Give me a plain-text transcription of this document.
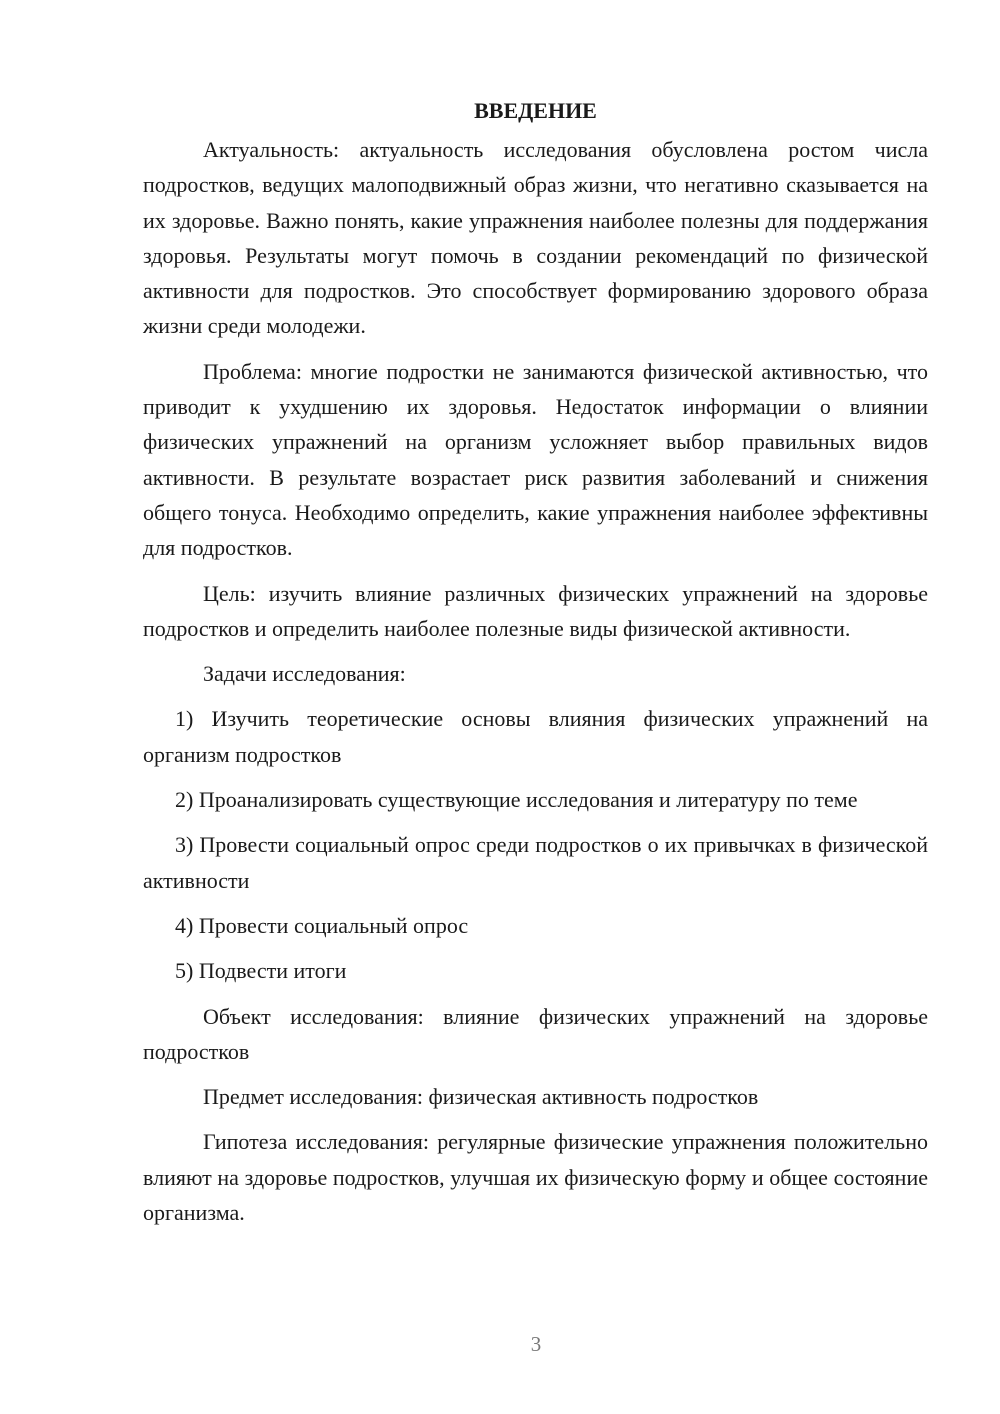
ВВЕДЕНИЕ

Актуальность: актуальность исследования обусловлена ростом числа подростков, ведущих малоподвижный образ жизни, что негативно сказывается на их здоровье. Важно понять, какие упражнения наиболее полезны для поддержания здоровья. Результаты могут помочь в создании рекомендаций по физической активности для подростков. Это способствует формированию здорового образа жизни среди молодежи.

Проблема: многие подростки не занимаются физической активностью, что приводит к ухудшению их здоровья. Недостаток информации о влиянии физических упражнений на организм усложняет выбор правильных видов активности. В результате возрастает риск развития заболеваний и снижения общего тонуса. Необходимо определить, какие упражнения наиболее эффективны для подростков.

Цель: изучить влияние различных физических упражнений на здоровье подростков и определить наиболее полезные виды физической активности.

Задачи исследования:

1) Изучить теоретические основы влияния физических упражнений на организм подростков

2) Проанализировать существующие исследования и литературу по теме

3) Провести социальный опрос среди подростков о их привычках в физической активности

4) Провести социальный опрос

5) Подвести итоги

Объект исследования: влияние физических упражнений на здоровье подростков

Предмет исследования: физическая активность подростков

Гипотеза исследования: регулярные физические упражнения положительно влияют на здоровье подростков, улучшая их физическую форму и общее состояние организма.

3
